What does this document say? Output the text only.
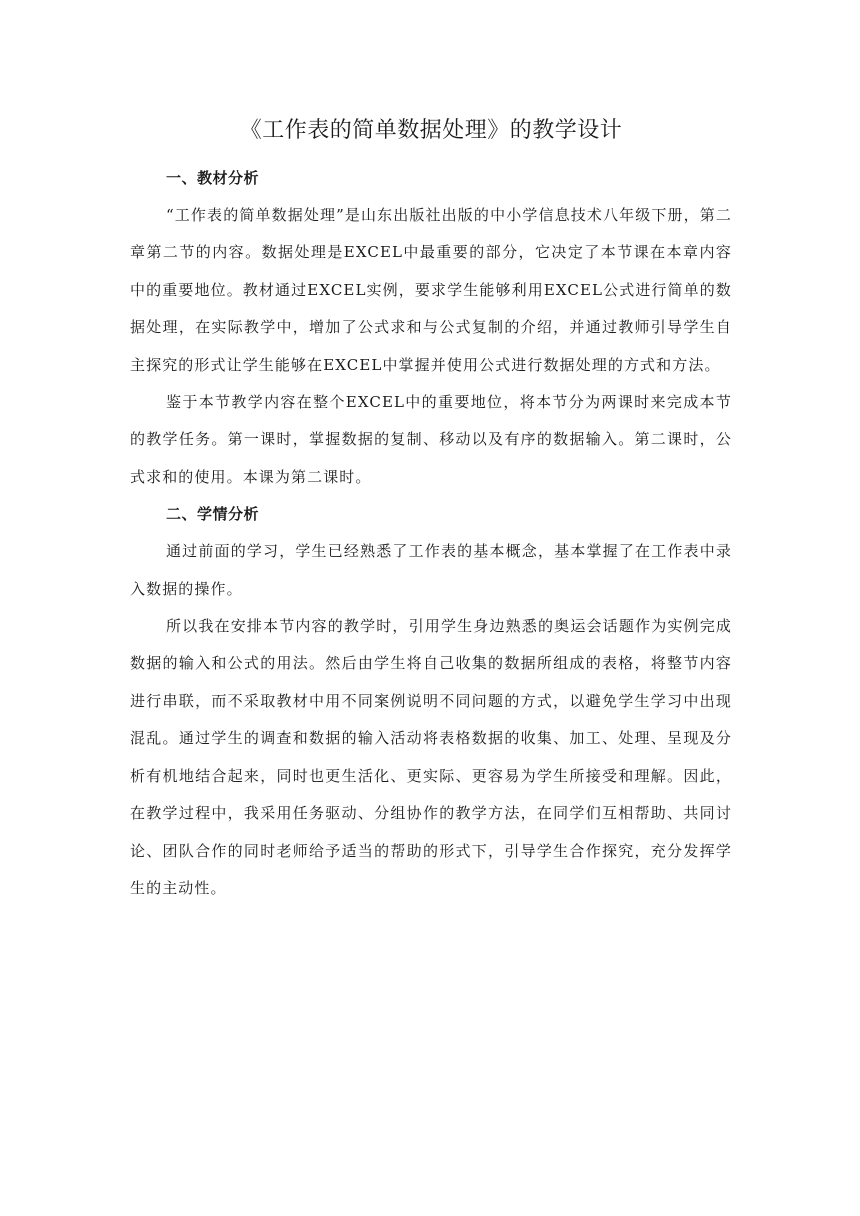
《工作表的简单数据处理》的教学设计
一、教材分析

“工作表的简单数据处理”是山东出版社出版的中小学信息技术八年级下册，第二章第二节的内容。数据处理是EXCEL中最重要的部分，它决定了本节课在本章内容中的重要地位。教材通过EXCEL实例，要求学生能够利用EXCEL公式进行简单的数据处理，在实际教学中，增加了公式求和与公式复制的介绍，并通过教师引导学生自主探究的形式让学生能够在EXCEL中掌握并使用公式进行数据处理的方式和方法。

鉴于本节教学内容在整个EXCEL中的重要地位，将本节分为两课时来完成本节的教学任务。第一课时，掌握数据的复制、移动以及有序的数据输入。第二课时，公式求和的使用。本课为第二课时。

二、学情分析

通过前面的学习，学生已经熟悉了工作表的基本概念，基本掌握了在工作表中录入数据的操作。

所以我在安排本节内容的教学时，引用学生身边熟悉的奥运会话题作为实例完成数据的输入和公式的用法。然后由学生将自己收集的数据所组成的表格，将整节内容进行串联，而不采取教材中用不同案例说明不同问题的方式，以避免学生学习中出现混乱。通过学生的调查和数据的输入活动将表格数据的收集、加工、处理、呈现及分析有机地结合起来，同时也更生活化、更实际、更容易为学生所接受和理解。因此，在教学过程中，我采用任务驱动、分组协作的教学方法，在同学们互相帮助、共同讨论、团队合作的同时老师给予适当的帮助的形式下，引导学生合作探究，充分发挥学生的主动性。
